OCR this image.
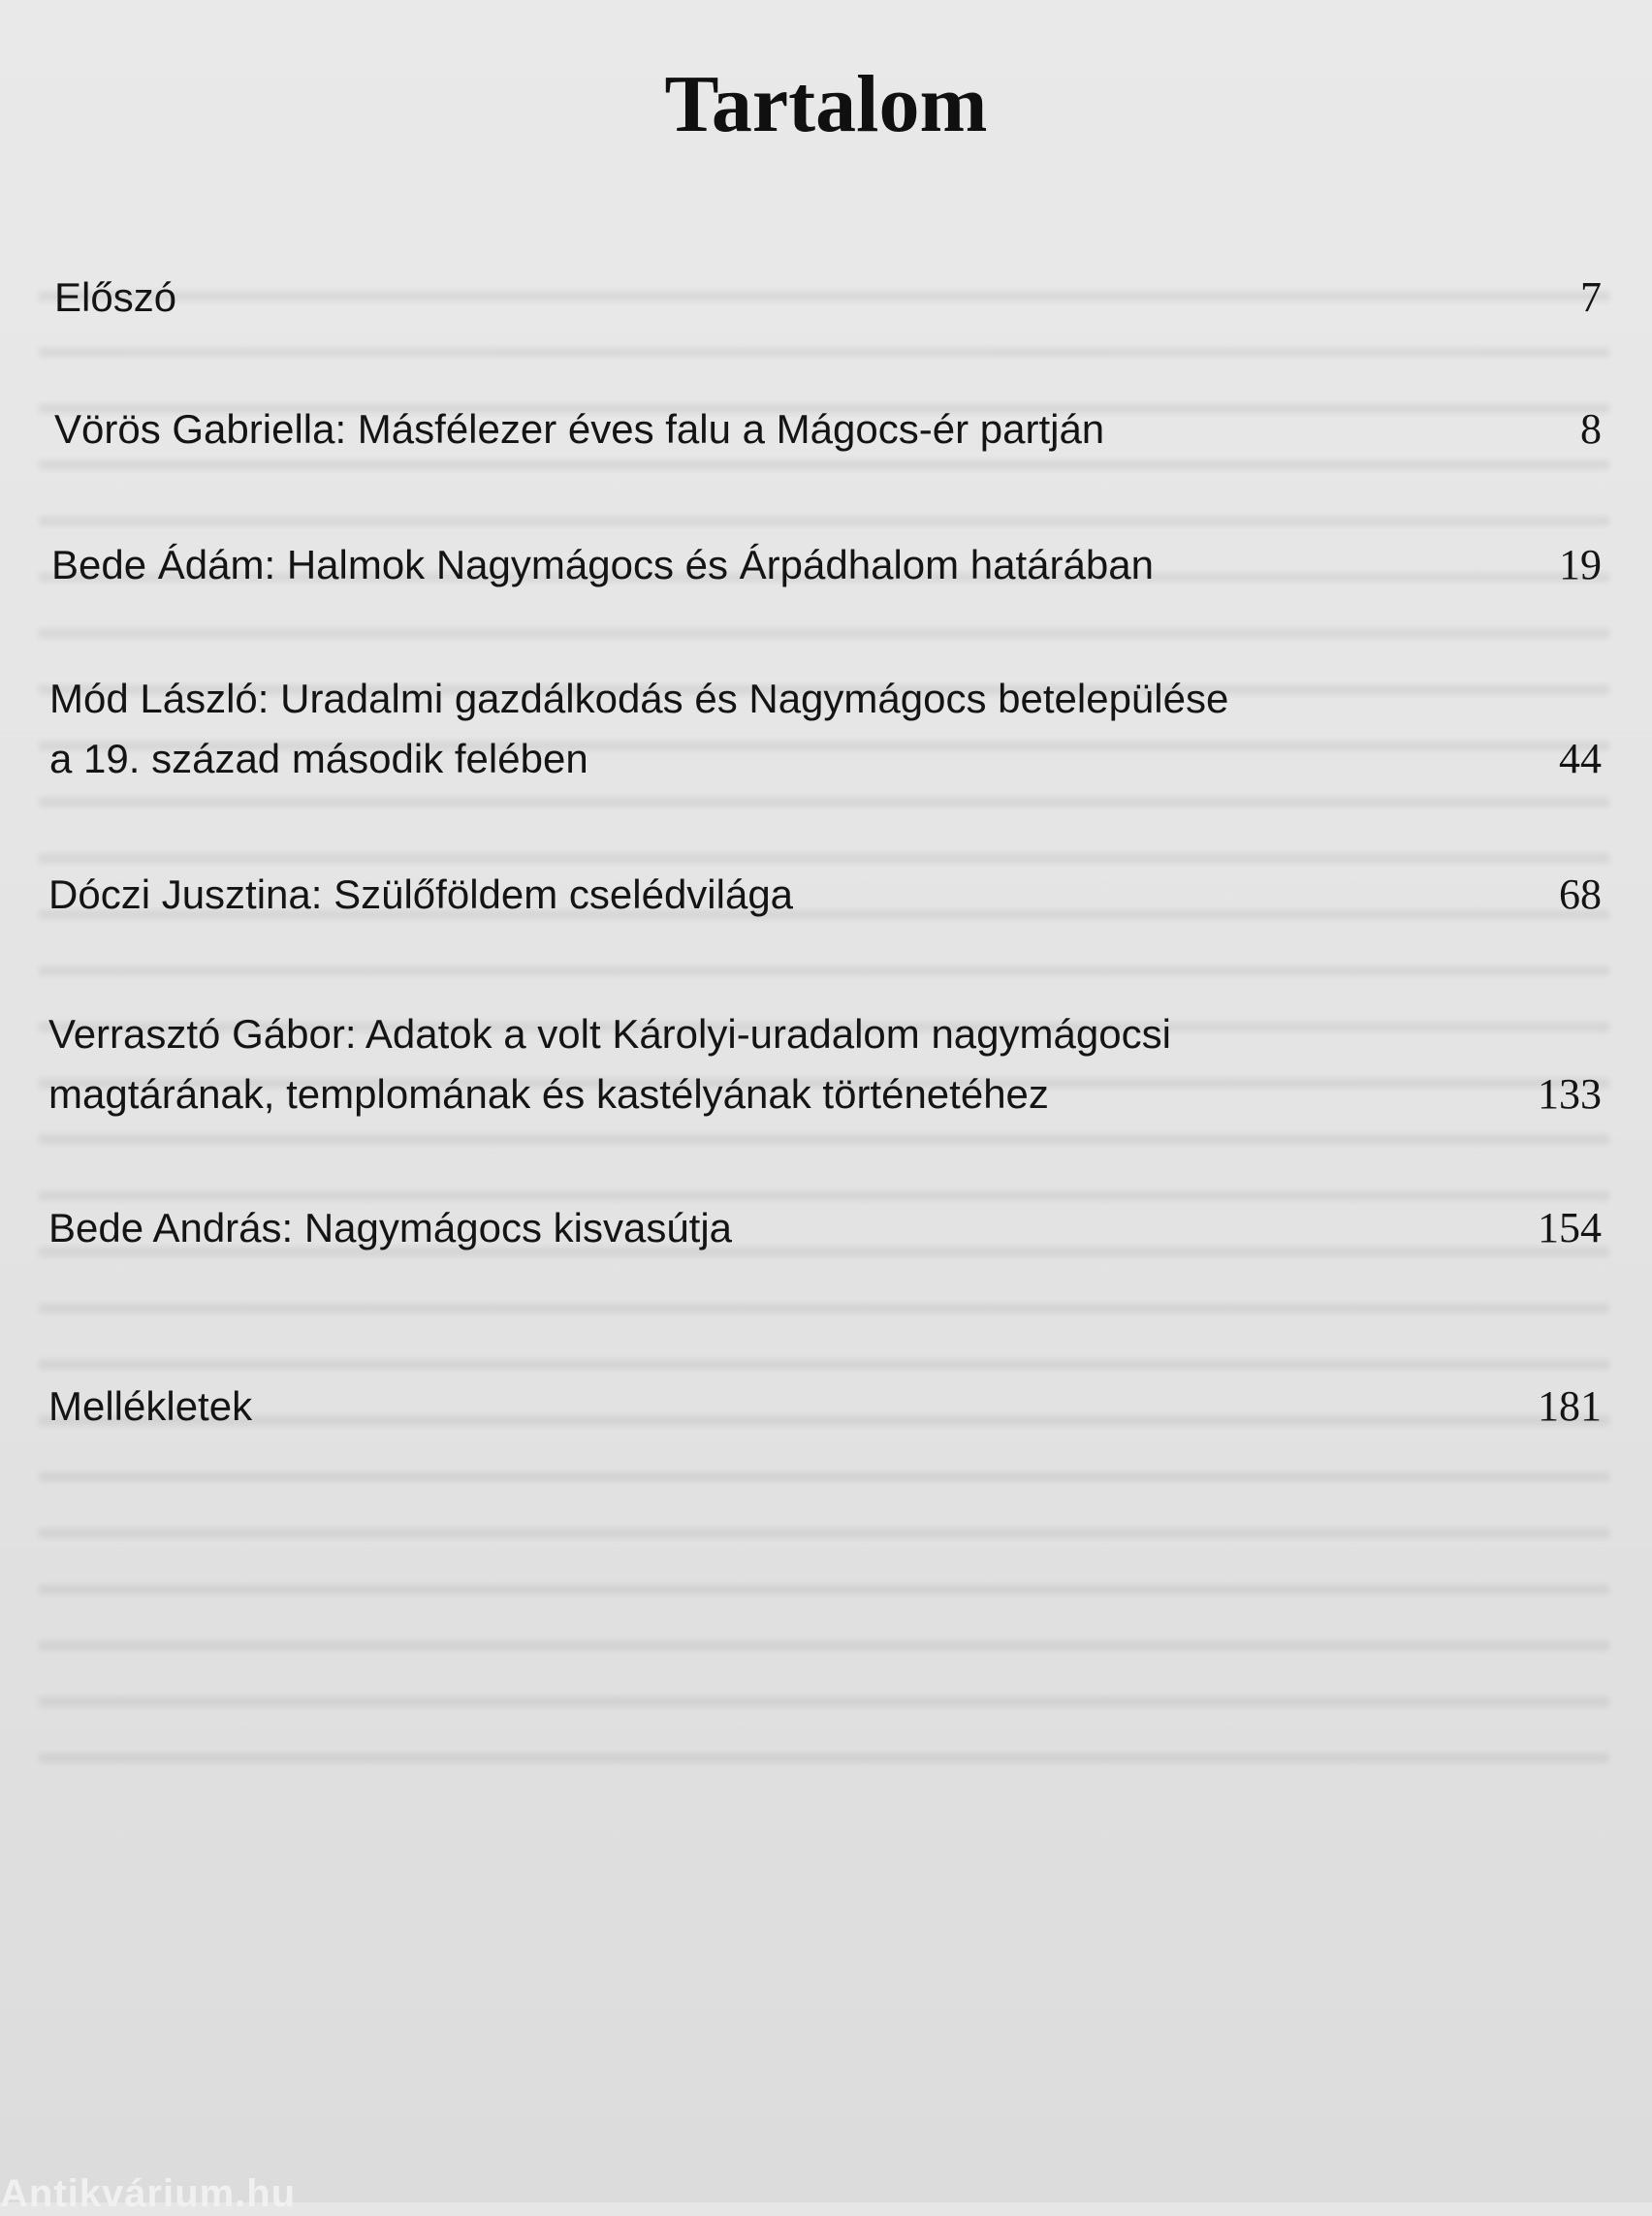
Tartalom
Előszó	7
Vörös Gabriella: Másfélezer éves falu a Mágocs-ér partján	8
Bede Ádám: Halmok Nagymágocs és Árpádhalom határában	19
Mód László: Uradalmi gazdálkodás és Nagymágocs betelepülése
a 19. század második felében	44
Dóczi Jusztina: Szülőföldem cselédvilága	68
Verrasztó Gábor: Adatok a volt Károlyi-uradalom nagymágocsi
magtárának, templomának és kastélyának történetéhez	133
Bede András: Nagymágocs kisvasútja	154
Mellékletek	181
Antikvárium.hu
